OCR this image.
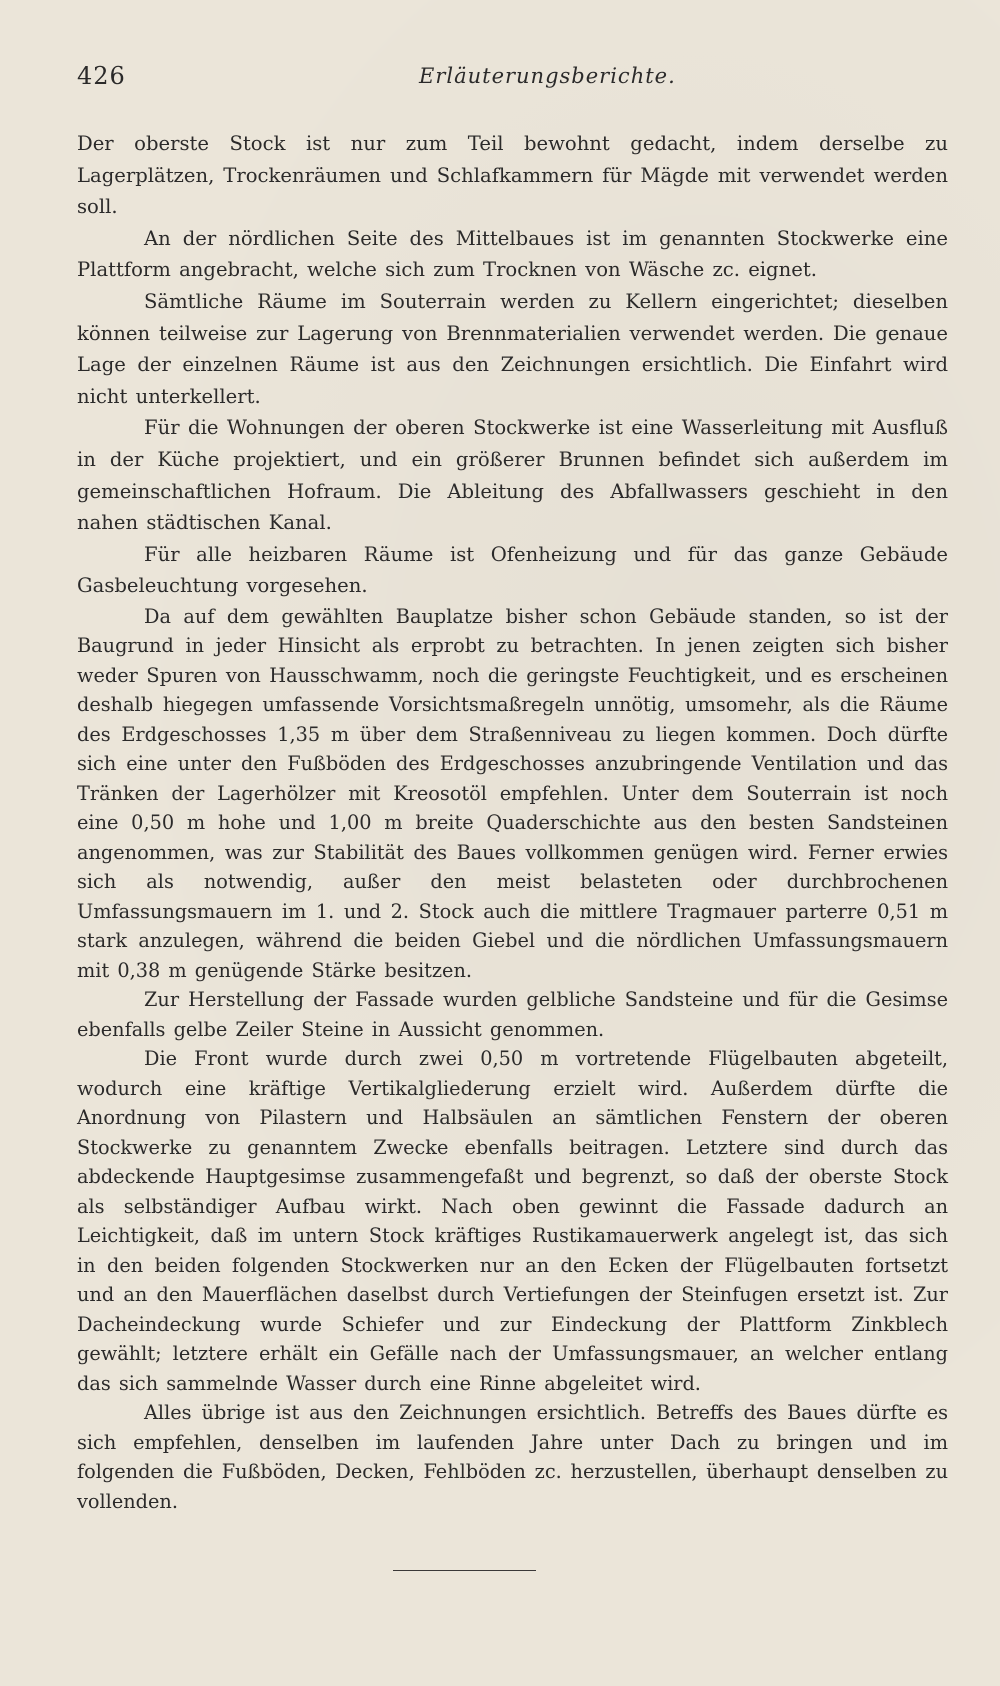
426	Erläuterungsberichte.

Der oberste Stock ist nur zum Teil bewohnt gedacht, indem derselbe zu Lagerplätzen, Trockenräumen und Schlafkammern für Mägde mit verwendet werden soll.

An der nördlichen Seite des Mittelbaues ist im genannten Stockwerke eine Plattform angebracht, welche sich zum Trocknen von Wäsche zc. eignet.

Sämtliche Räume im Souterrain werden zu Kellern eingerichtet; dieselben können teilweise zur Lagerung von Brennmaterialien verwendet werden. Die genaue Lage der einzelnen Räume ist aus den Zeichnungen ersichtlich. Die Einfahrt wird nicht unterkellert.

Für die Wohnungen der oberen Stockwerke ist eine Wasserleitung mit Ausfluß in der Küche projektiert, und ein größerer Brunnen befindet sich außerdem im gemeinschaftlichen Hofraum. Die Ableitung des Abfallwassers geschieht in den nahen städtischen Kanal.

Für alle heizbaren Räume ist Ofenheizung und für das ganze Gebäude Gasbeleuchtung vorgesehen.

Da auf dem gewählten Bauplatze bisher schon Gebäude standen, so ist der Baugrund in jeder Hinsicht als erprobt zu betrachten. In jenen zeigten sich bisher weder Spuren von Hausschwamm, noch die geringste Feuchtigkeit, und es erscheinen deshalb hiegegen umfassende Vorsichtsmaßregeln unnötig, umsomehr, als die Räume des Erdgeschosses 1,35 m über dem Straßenniveau zu liegen kommen. Doch dürfte sich eine unter den Fußböden des Erdgeschosses anzubringende Ventilation und das Tränken der Lagerhölzer mit Kreosotöl empfehlen. Unter dem Souterrain ist noch eine 0,50 m hohe und 1,00 m breite Quaderschichte aus den besten Sandsteinen angenommen, was zur Stabilität des Baues vollkommen genügen wird. Ferner erwies sich als notwendig, außer den meist belasteten oder durchbrochenen Umfassungsmauern im 1. und 2. Stock auch die mittlere Tragmauer parterre 0,51 m stark anzulegen, während die beiden Giebel und die nördlichen Umfassungsmauern mit 0,38 m genügende Stärke besitzen.

Zur Herstellung der Fassade wurden gelbliche Sandsteine und für die Gesimse ebenfalls gelbe Zeiler Steine in Aussicht genommen.

Die Front wurde durch zwei 0,50 m vortretende Flügelbauten abgeteilt, wodurch eine kräftige Vertikalgliederung erzielt wird. Außerdem dürfte die Anordnung von Pilastern und Halbsäulen an sämtlichen Fenstern der oberen Stockwerke zu genanntem Zwecke ebenfalls beitragen. Letztere sind durch das abdeckende Hauptgesimse zusammengefaßt und begrenzt, so daß der oberste Stock als selbständiger Aufbau wirkt. Nach oben gewinnt die Fassade dadurch an Leichtigkeit, daß im untern Stock kräftiges Rustikamauerwerk angelegt ist, das sich in den beiden folgenden Stockwerken nur an den Ecken der Flügelbauten fortsetzt und an den Mauerflächen daselbst durch Vertiefungen der Steinfugen ersetzt ist. Zur Dacheindeckung wurde Schiefer und zur Eindeckung der Plattform Zinkblech gewählt; letztere erhält ein Gefälle nach der Umfassungsmauer, an welcher entlang das sich sammelnde Wasser durch eine Rinne abgeleitet wird.

Alles übrige ist aus den Zeichnungen ersichtlich. Betreffs des Baues dürfte es sich empfehlen, denselben im laufenden Jahre unter Dach zu bringen und im folgenden die Fußböden, Decken, Fehlböden zc. herzustellen, überhaupt denselben zu vollenden.
